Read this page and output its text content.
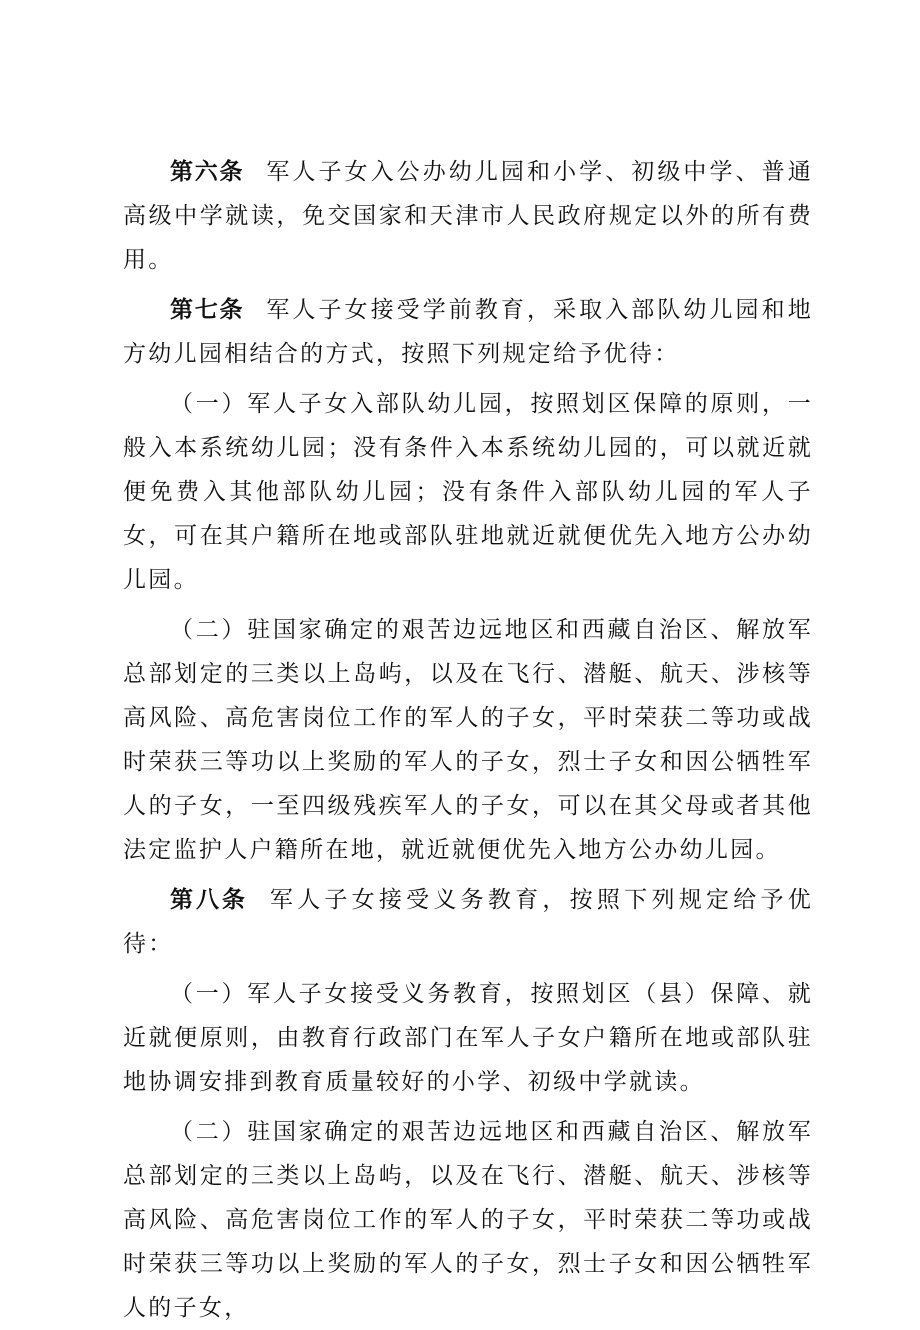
第六条 军人子女入公办幼儿园和小学、初级中学、普通高级中学就读，免交国家和天津市人民政府规定以外的所有费用。

第七条 军人子女接受学前教育，采取入部队幼儿园和地方幼儿园相结合的方式，按照下列规定给予优待：

（一）军人子女入部队幼儿园，按照划区保障的原则，一般入本系统幼儿园；没有条件入本系统幼儿园的，可以就近就便免费入其他部队幼儿园；没有条件入部队幼儿园的军人子女，可在其户籍所在地或部队驻地就近就便优先入地方公办幼儿园。

（二）驻国家确定的艰苦边远地区和西藏自治区、解放军总部划定的三类以上岛屿，以及在飞行、潜艇、航天、涉核等高风险、高危害岗位工作的军人的子女，平时荣获二等功或战时荣获三等功以上奖励的军人的子女，烈士子女和因公牺牲军人的子女，一至四级残疾军人的子女，可以在其父母或者其他法定监护人户籍所在地，就近就便优先入地方公办幼儿园。

第八条 军人子女接受义务教育，按照下列规定给予优待：

（一）军人子女接受义务教育，按照划区（县）保障、就近就便原则，由教育行政部门在军人子女户籍所在地或部队驻地协调安排到教育质量较好的小学、初级中学就读。

（二）驻国家确定的艰苦边远地区和西藏自治区、解放军总部划定的三类以上岛屿，以及在飞行、潜艇、航天、涉核等高风险、高危害岗位工作的军人的子女，平时荣获二等功或战时荣获三等功以上奖励的军人的子女，烈士子女和因公牺牲军人的子女，
